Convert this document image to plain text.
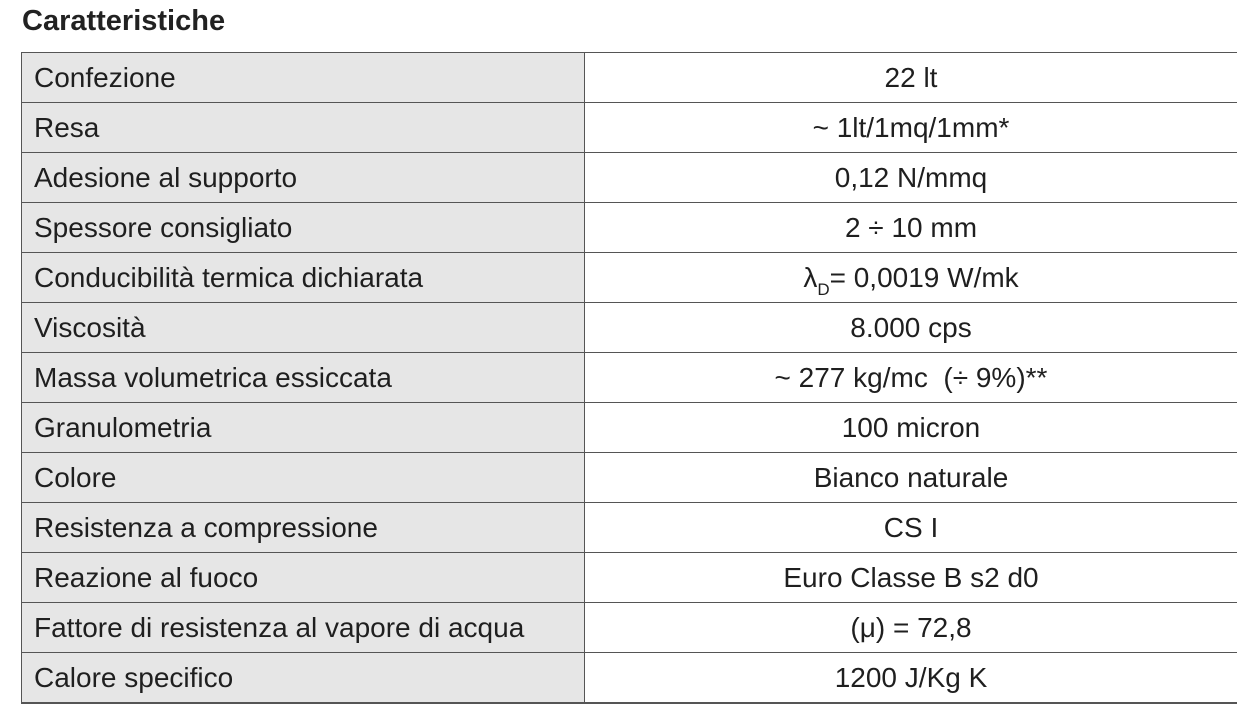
Caratteristiche
Confezione	22 lt
Resa	~ 1lt/1mq/1mm*
Adesione al supporto	0,12 N/mmq
Spessore consigliato	2 ÷ 10 mm
Conducibilità termica dichiarata	$\lambda_D= 0,0019$ W/mk
Viscosità	8.000 cps
Massa volumetrica essiccata	~ 277 kg/mc  (÷ 9%)**
Granulometria	100 micron
Colore	Bianco naturale
Resistenza a compressione	CS I
Reazione al fuoco	Euro Classe B s2 d0
Fattore di resistenza al vapore di acqua	(μ) = 72,8
Calore specifico	1200 J/Kg K
